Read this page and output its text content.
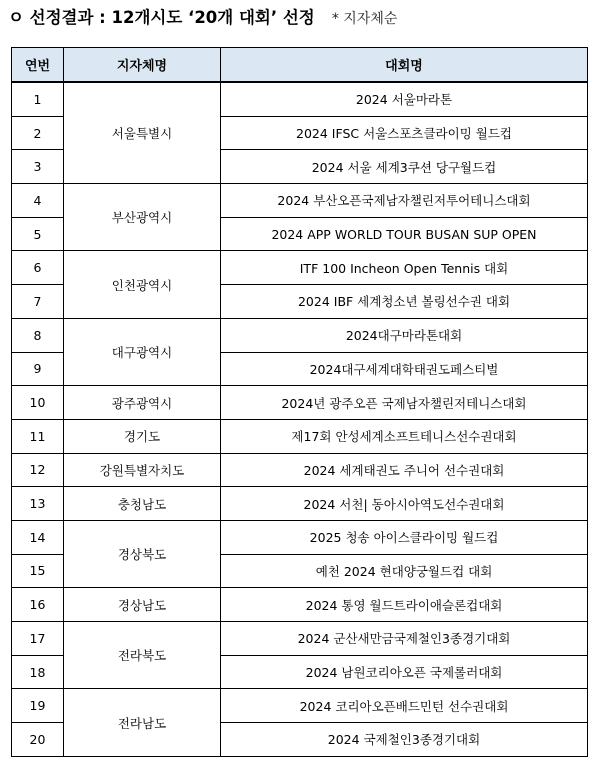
ㅇ 선정결과 : 12개시도 ‘20개 대회’ 선정 * 지자체순
연번	지자체명	대회명
1	서울특별시	2024 서울마라톤
2		2024 IFSC 서울스포츠클라이밍 월드컵
3		2024 서울 세계3쿠션 당구월드컵
4	부산광역시	2024 부산오픈국제남자챌린저투어테니스대회
5		2024 APP WORLD TOUR BUSAN SUP OPEN
6	인천광역시	ITF 100 Incheon Open Tennis 대회
7		2024 IBF 세계청소년 볼링선수권 대회
8	대구광역시	2024대구마라톤대회
9		2024대구세계대학태권도페스티벌
10	광주광역시	2024년 광주오픈 국제남자챌린저테니스대회
11	경기도	제17회 안성세계소프트테니스선수권대회
12	강원특별자치도	2024 세계태권도 주니어 선수권대회
13	충청남도	2024 서천| 동아시아역도선수권대회
14	경상북도	2025 청송 아이스클라이밍 월드컵
15		예천 2024 현대양궁월드컵 대회
16	경상남도	2024 통영 월드트라이애슬론컵대회
17	전라북도	2024 군산새만금국제철인3종경기대회
18		2024 남원코리아오픈 국제롤러대회
19	전라남도	2024 코리아오픈배드민턴 선수권대회
20		2024 국제철인3종경기대회
